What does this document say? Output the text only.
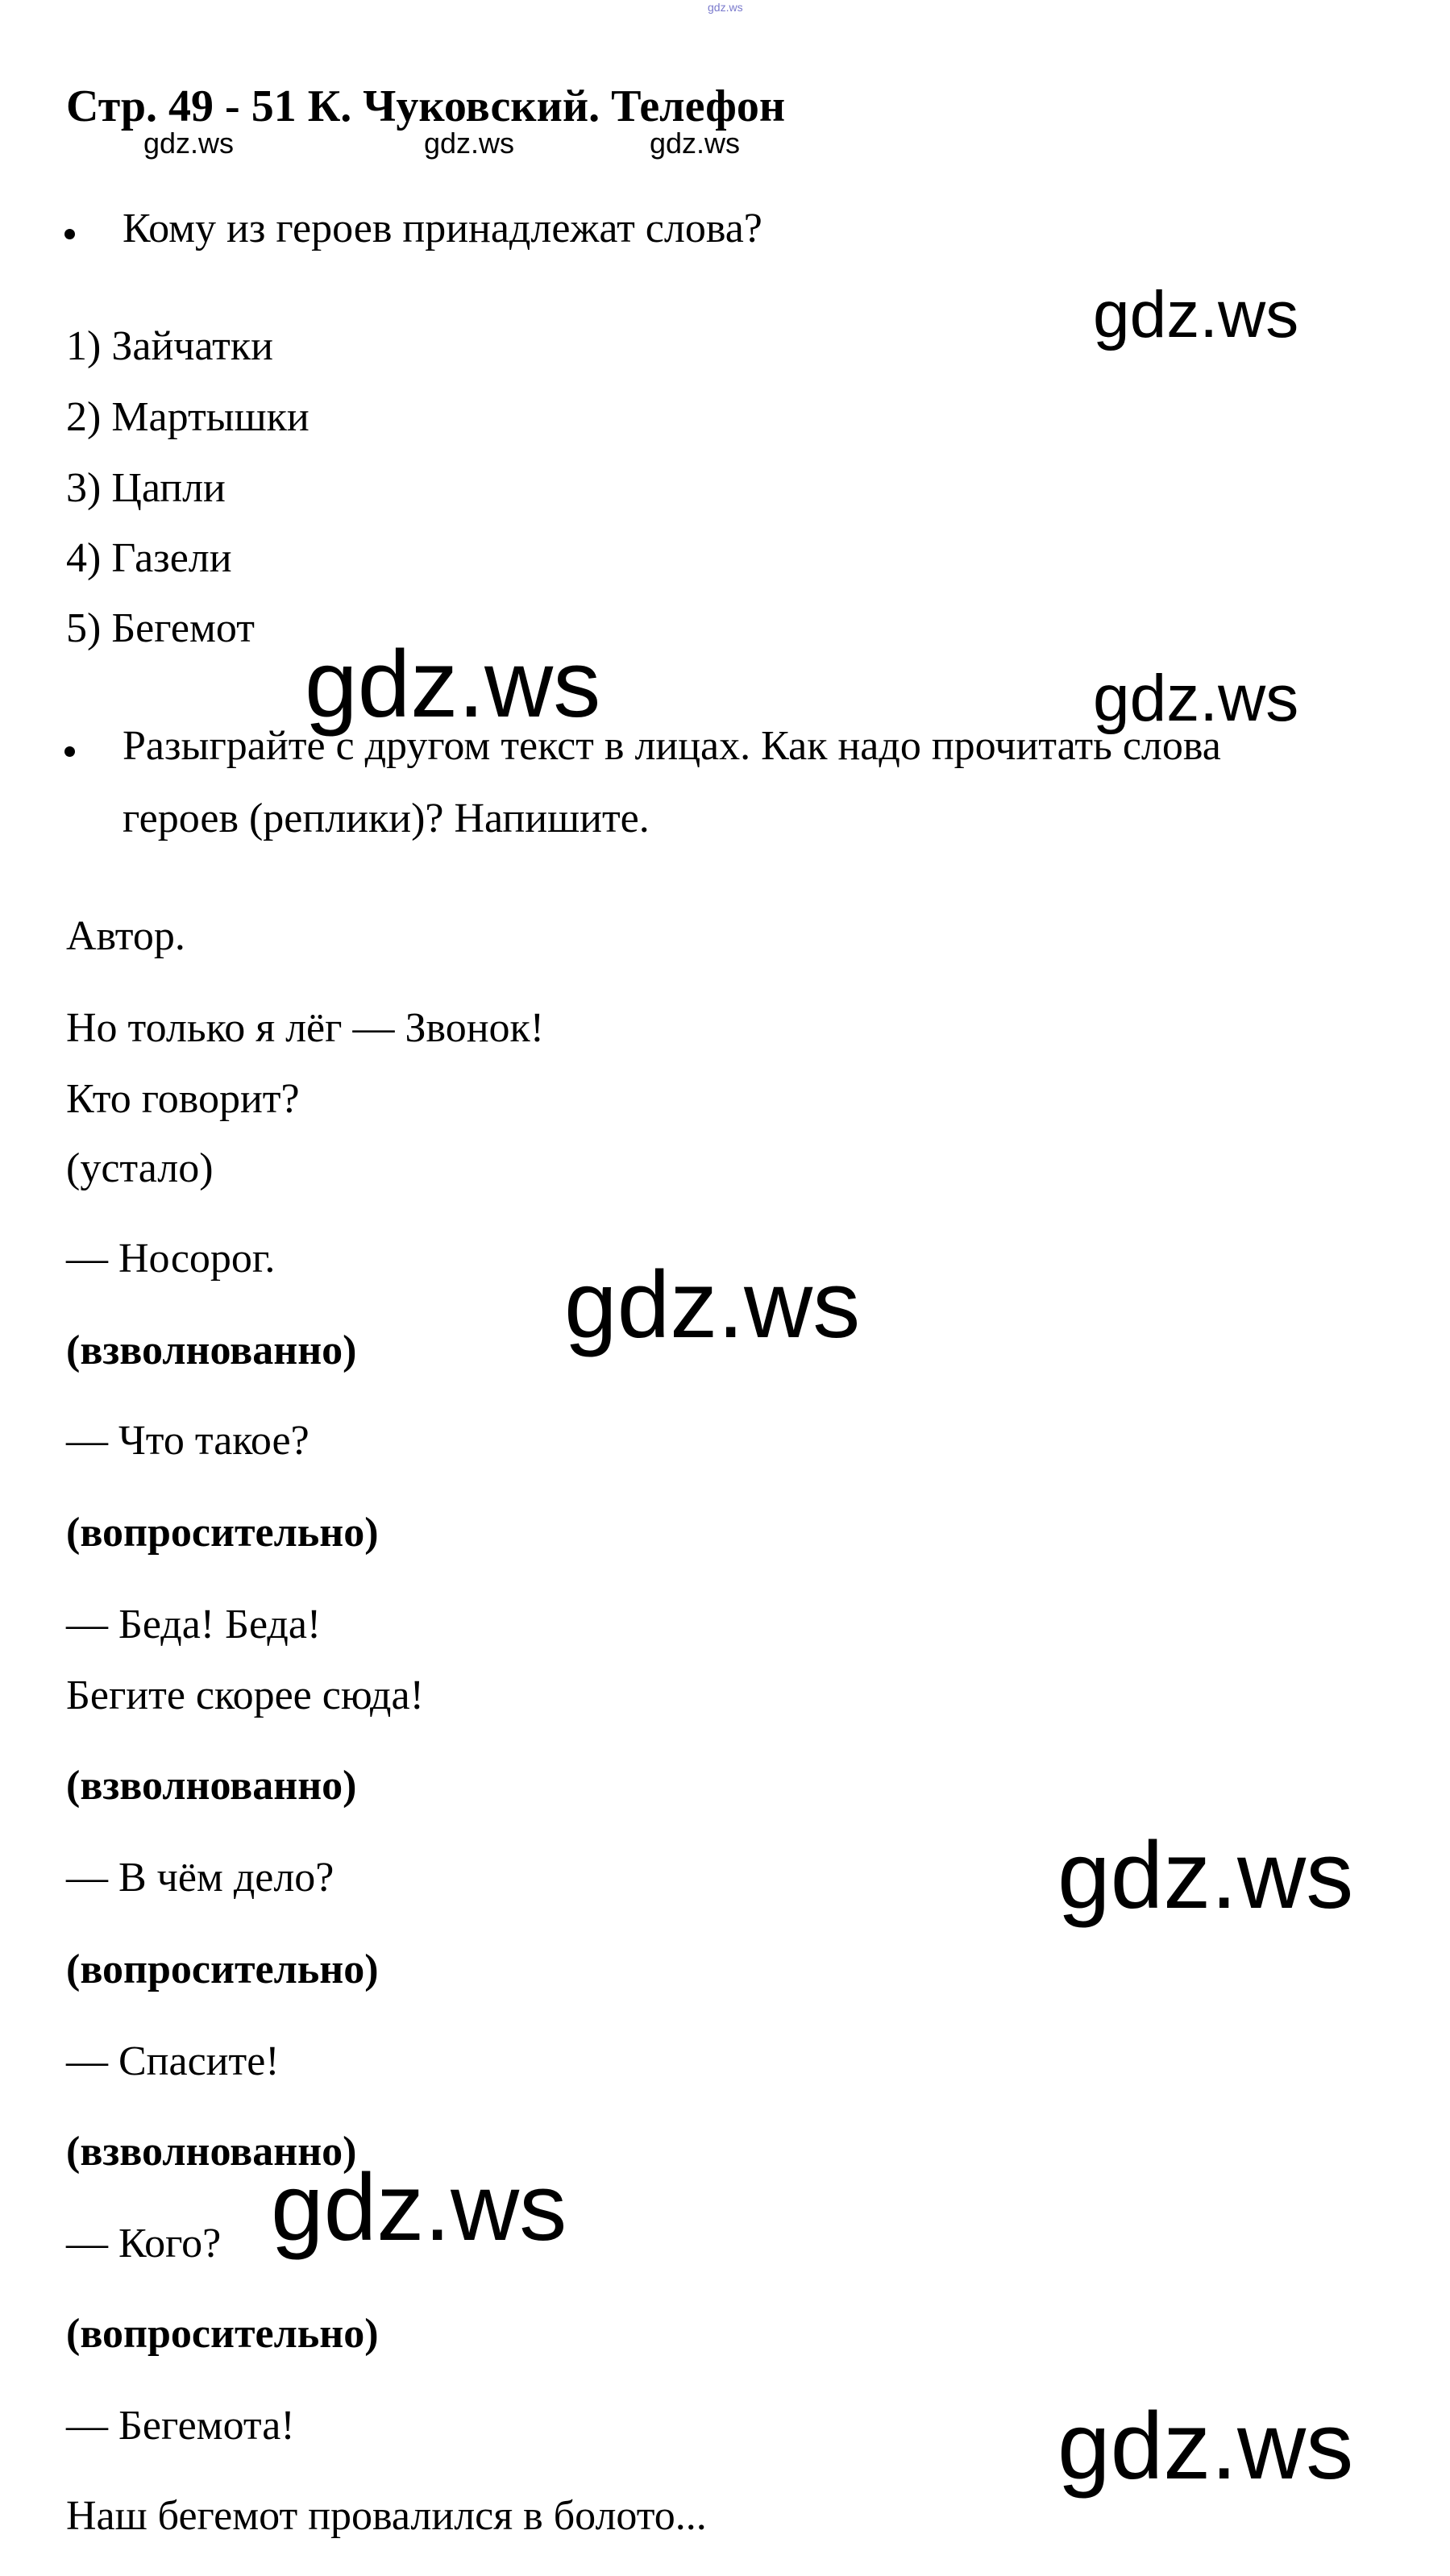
gdz.ws
Стр. 49 - 51 К. Чуковский. Телефон
gdz.ws	gdz.ws	gdz.ws
Кому из героев принадлежат слова?
gdz.ws
1) Зайчатки
2) Мартышки
3) Цапли
4) Газели
5) Бегемот
gdz.ws	gdz.ws
Разыграйте с другом текст в лицах. Как надо прочитать слова
героев (реплики)? Напишите.
Автор.
Но только я лёг — Звонок!
Кто говорит?
(устало)
— Носорог.	gdz.ws
(взволнованно)
— Что такое?
(вопросительно)
— Беда! Беда!
Бегите скорее сюда!
(взволнованно)
gdz.ws
— В чём дело?
(вопросительно)
— Спасите!
(взволнованно)
gdz.ws
— Кого?
(вопросительно)
gdz.ws
— Бегемота!
Наш бегемот провалился в болото...
